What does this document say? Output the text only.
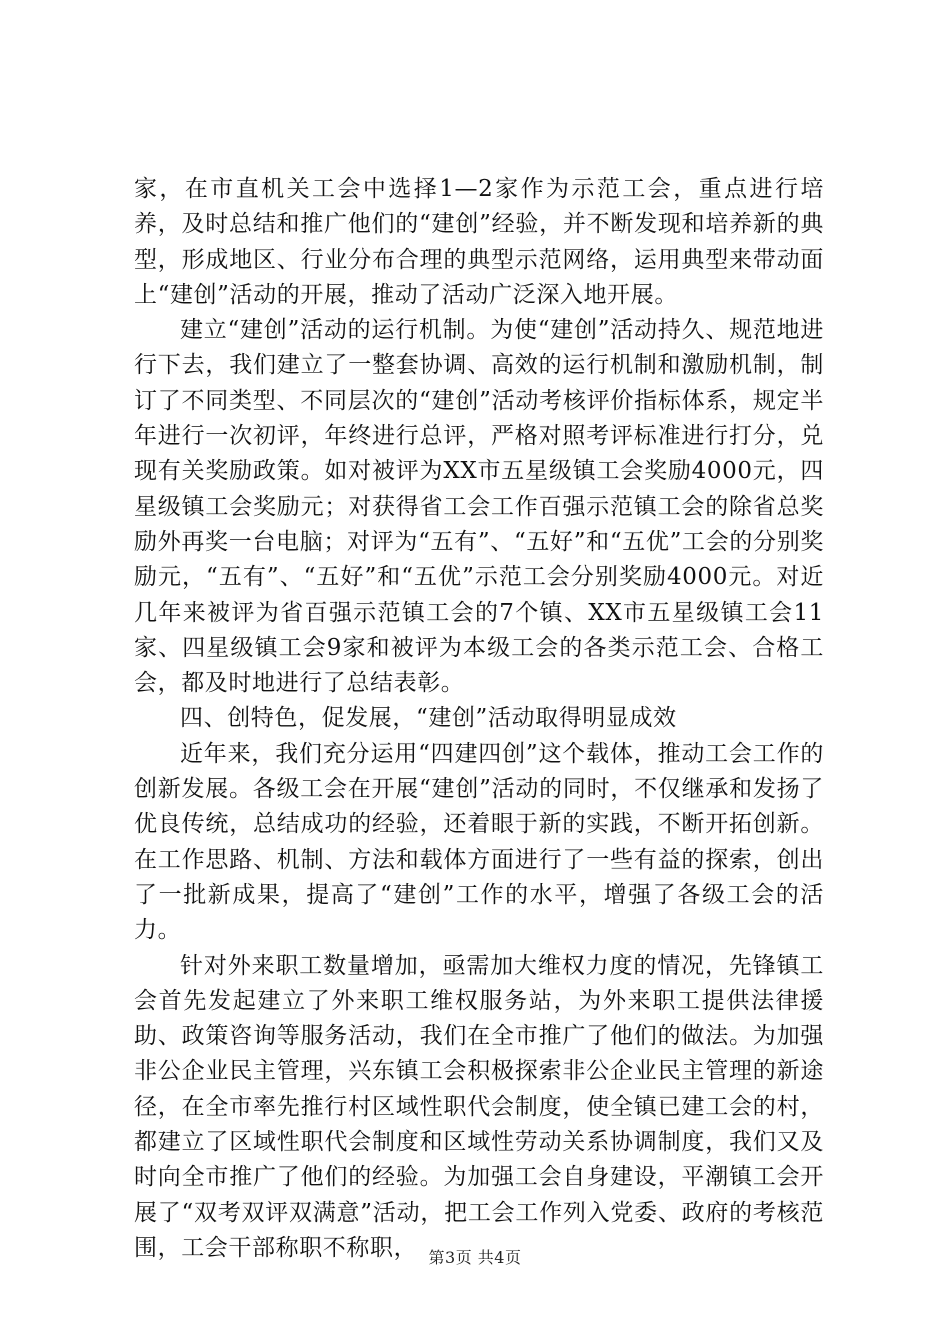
家，在市直机关工会中选择1—2家作为示范工会，重点进行培养，及时总结和推广他们的“建创”经验，并不断发现和培养新的典型，形成地区、行业分布合理的典型示范网络，运用典型来带动面上“建创”活动的开展，推动了活动广泛深入地开展。

建立“建创”活动的运行机制。为使“建创”活动持久、规范地进行下去，我们建立了一整套协调、高效的运行机制和激励机制，制订了不同类型、不同层次的“建创”活动考核评价指标体系，规定半年进行一次初评，年终进行总评，严格对照考评标准进行打分，兑现有关奖励政策。如对被评为XX市五星级镇工会奖励4000元，四星级镇工会奖励元；对获得省工会工作百强示范镇工会的除省总奖励外再奖一台电脑；对评为“五有”、“五好”和“五优”工会的分别奖励元，“五有”、“五好”和“五优”示范工会分别奖励4000元。对近几年来被评为省百强示范镇工会的7个镇、XX市五星级镇工会11家、四星级镇工会9家和被评为本级工会的各类示范工会、合格工会，都及时地进行了总结表彰。

四、创特色，促发展，“建创”活动取得明显成效

近年来，我们充分运用“四建四创”这个载体，推动工会工作的创新发展。各级工会在开展“建创”活动的同时，不仅继承和发扬了优良传统，总结成功的经验，还着眼于新的实践，不断开拓创新。在工作思路、机制、方法和载体方面进行了一些有益的探索，创出了一批新成果，提高了“建创”工作的水平，增强了各级工会的活力。

针对外来职工数量增加，亟需加大维权力度的情况，先锋镇工会首先发起建立了外来职工维权服务站，为外来职工提供法律援助、政策咨询等服务活动，我们在全市推广了他们的做法。为加强非公企业民主管理，兴东镇工会积极探索非公企业民主管理的新途径，在全市率先推行村区域性职代会制度，使全镇已建工会的村，都建立了区域性职代会制度和区域性劳动关系协调制度，我们又及时向全市推广了他们的经验。为加强工会自身建设，平潮镇工会开展了“双考双评双满意”活动，把工会工作列入党委、政府的考核范围，工会干部称职不称职， 第3页 共4页
